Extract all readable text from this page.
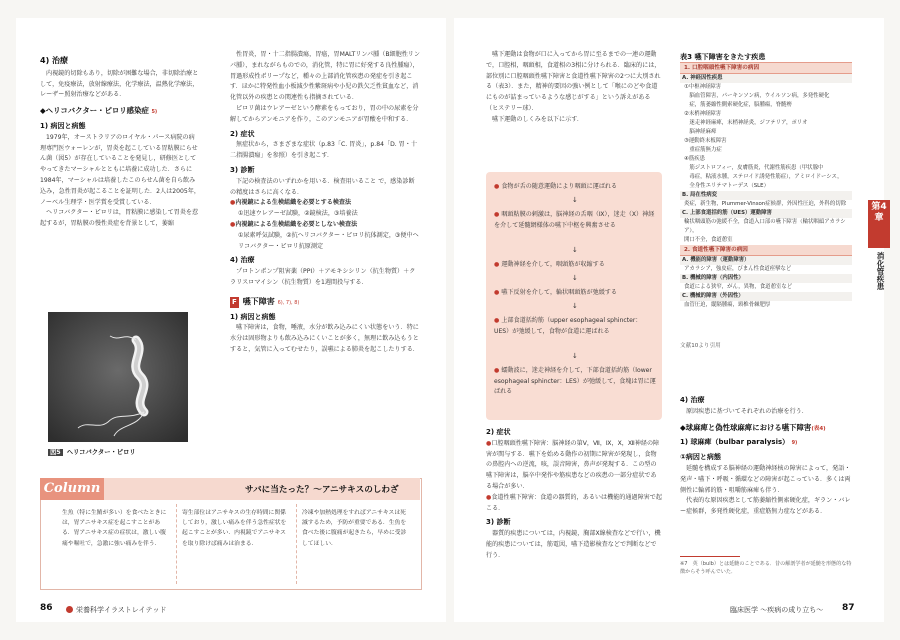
4) 治療

内視鏡的切除もあり，切除が困難な場合，非切除治療として，免疫療法，放射線療法，化学療法，温熱化学療法，レーザー照射治療などがある．

◆ヘリコバクター・ピロリ感染症 5)
1) 病因と病態

1979年，オーストラリアのロイヤル・パース病院の病理専門医ウォーレンが，胃炎を起こしている胃粘膜にらせん菌（図5）が存在していることを発見し，研修医としてやってきたマーシャルとともに培養に成功した．さらに1984年，マーシャルは培養したこのらせん菌を自ら飲み込み，急性胃炎が起こることを証明した．2人は2005年，ノーベル生理学・医学賞を受賞している．

ヘリコバクター・ピロリは，胃粘膜に感染して胃炎を惹起するが，胃粘膜の慢性炎症を背景として，萎縮

図5 ヘリコバクター・ピロリ

性胃炎，胃・十二指腸潰瘍，胃癌，胃MALTリンパ腫（B細胞性リンパ腫），まれながらものでの，消化管，特に胃に好発する良性腫瘍），胃過形成性ポリープなど，種々の上部消化管疾患の発症を引き起こす．ほかに特発性血小板減少性紫斑病や小児の鉄欠乏性貧血など，消化管以外の疾患との関連性も指摘されている．

ピロリ菌はウレアーゼという酵素をもっており，胃の中の尿素を分解してからアンモニアを作り，このアンモニアが胃酸を中和する．

2) 症状

無症状から，さまざまな症状（p.83「C. 胃炎」，p.84「D. 胃・十二指腸潰瘍」を参照）を引き起こす．

3) 診断

下記の検査法のいずれかを用いる．検査用いること で，感染診断の精度はさらに高くなる．

●内視鏡による生検組織を必要とする検査法
①迅速ウレアーゼ試験，②鏡検法，③培養法
●内視鏡による生検組織を必要としない検査法
①尿素呼気試験，②抗ヘリコバクター・ピロリ抗体測定，③便中ヘリコバクター・ピロリ抗原測定
4) 治療

プロトンポンプ阻害薬（PPI）＋アモキシシリン（抗生物質）＋クラリスロマイシン（抗生物質）を1週間投与する．

F 嚥下障害 6), 7), 8)
1) 病因と病態

嚥下障害は，食物，唾液，水分が飲み込みにくい状態をいう．特に水分は固形物よりも飲み込みにくいことが多く，無理に飲み込もうとすると，気管に入ってむせたり，誤嚥による肺炎を起こしたりする．

Column	サバに当たった？〜アニサキスのしわざ
生魚（特に生鯖が多い）を食べたときには，胃アニサキス症を起こすことがある．胃アニサキス症の症状は，激しい腹痛や嘔吐で，急激に強い痛みを伴う．
寄生部位はアニサキスの生存時間に関係しており，激しい痛みを伴う急性症状を起こすことが多い．内視鏡でアニサキスを取り除けば痛みは治まる．
冷凍や加熱処理をすればアニサキスは死滅するため，予防が重要である．生魚を食べた後に腹痛が起きたら，早めに受診してほしい．
86	栄養科学イラストレイテッド

嚥下運動は食物が口に入ってから胃に至るまでの一連の運動で，口腔相，咽頭相，食道相の3相に分けられる．臨床的には，部位別に口腔咽頭性嚥下障害と食道性嚥下障害の2つに大別される（表3）．また，精神的要因の強い例として「喉にのどや食道にものが詰まっているような感じがする」という訴えがある（ヒステリー球）．

嚥下運動のしくみを以下に示す．

● 食物が舌の随意運動により咽頭に運ばれる
↓
● 咽頭粘膜の刺激は，脳神経の舌咽（Ⅸ），迷走（Ⅹ）神経を介して延髄網様体の嚥下中枢を興奮させる
↓
● 運動神経を介して，咽頭筋が収縮する
↓
● 嚥下反射を介して，輪状咽頭筋が弛緩する
↓
● 上部食道括約筋（upper esophageal sphincter：UES）が弛緩して，食物が食道に運ばれる
↓
● 蠕動波に，迷走神経を介して，下部食道括約筋（lower esophageal sphincter：LES）が弛緩して，食塊は胃に運ばれる
2) 症状
●口腔咽頭性嚥下障害：脳神経の第Ⅴ，Ⅶ，Ⅸ，Ⅹ，Ⅻ神経の障害が関与する．嚥下を始める動作の初期に障害が発現し，食物の鼻腔内への逆流，咳，誤音障害，鼻声が発現する．この型の嚥下障害は，脳卒中発作や筋疾患などの疾患の一部分症状である場合が多い．
●食道性嚥下障害：食道の器質的，あるいは機能的通過障害で起こる．
3) 診断

器質的疾患については，内視鏡，胸部X線検査などで行い，機能的疾患については，筋電図，嚥下造影検査などで判断などで行う．

表3 嚥下障害をきたす疾患
1. 口腔咽頭性嚥下障害の病因
A. 神経因性疾患
①中枢神経障害
　脳血管障害，パーキンソン病，ウイルソン病，多発性硬化
　症，筋萎縮性側索硬化症，脳腫瘍，脊髄癆
②末梢神経障害
　迷走神経麻痺，末梢神経炎，ジフテリア，ポリオ
　脳神経麻痺
③運動終末板障害
　重症筋無力症
④筋疾患
　筋ジストロフィー，皮膚筋炎，代謝性筋疾患（甲状腺中
　毒症，粘液水腫，ステロイド誘発性筋症），アミロイドーシス，
　全身性エリテマトーデス（SLE）
B. 局在性病変
炎症，新生物，Plummer-Vinson症候群，外因性圧迫，外科的切除
C. 上部食道括約筋（UES）運動障害
輪状咽頭筋の弛緩不全，食道入口部の嚥下障害（輪状咽頭アカラシア），
開口不全，食道憩室
2. 食道性嚥下障害の病因
A. 機能的障害（運動障害）
アカラシア，強皮症，びまん性食道痙攣など
B. 機械的障害（内因性）
食道による狭窄，がん，異物，食道憩室など
C. 機械的障害（外因性）
血管圧迫，縦隔腫瘍，頸椎骨棘肥厚
文献10より引用
第4章
消化管疾患
4) 治療

原因疾患に基づいてそれぞれの治療を行う．

◆球麻痺と偽性球麻痺における嚥下障害(表4)
1) 球麻痺（bulbar paralysis） 9)
①病因と病態

延髄を構成する脳神経の運動神経核の障害によって，発語・発声・嚥下・呼吸・循環などの障害が起こっている．多くは両側性に輪郭的筋・咀嚼筋麻痺も伴う．

代表的な原因疾患として筋萎縮性側索硬化症，ギラン・バレー症候群，多発性硬化症，重症筋無力症などがある．

※7　英（bulb）とは延髄のことである．昔の解剖学者が延髄を形態的な特徴からそう呼んでいた．
臨床医学 〜疾病の成り立ち〜 87
